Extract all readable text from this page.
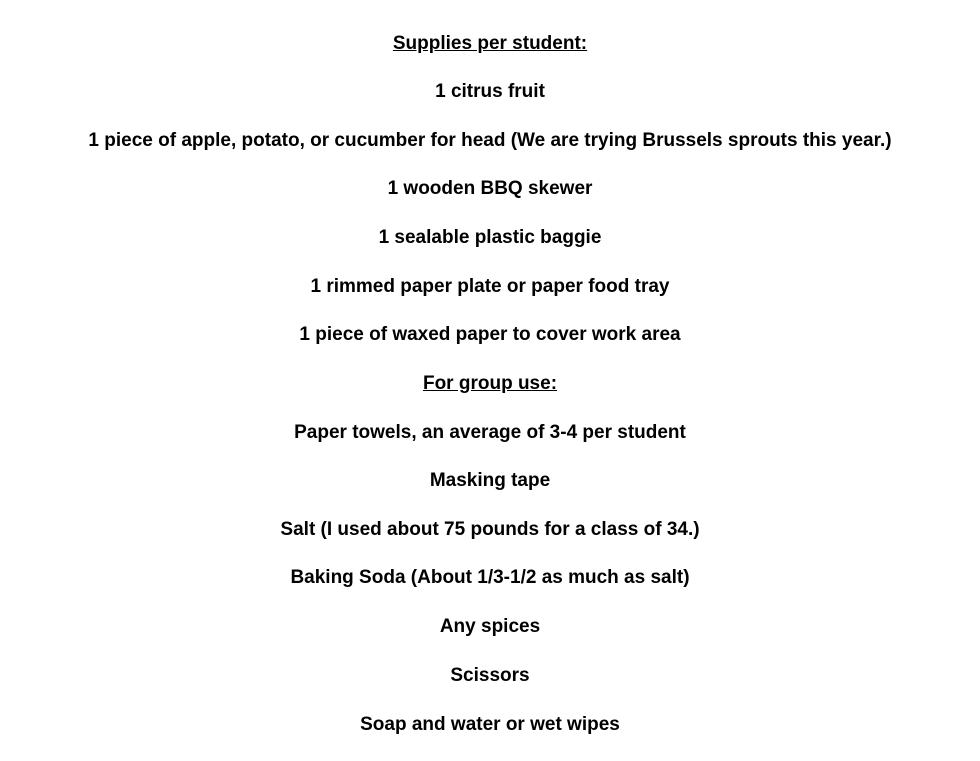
Supplies per student:
1 citrus fruit
1 piece of apple, potato, or cucumber for head (We are trying Brussels sprouts this year.)
1 wooden BBQ skewer
1 sealable plastic baggie
1 rimmed paper plate or paper food tray
1 piece of waxed paper to cover work area
For group use:
Paper towels, an average of 3-4 per student
Masking tape
Salt (I used about 75 pounds for a class of 34.)
Baking Soda (About 1/3-1/2 as much as salt)
Any spices
Scissors
Soap and water or wet wipes
